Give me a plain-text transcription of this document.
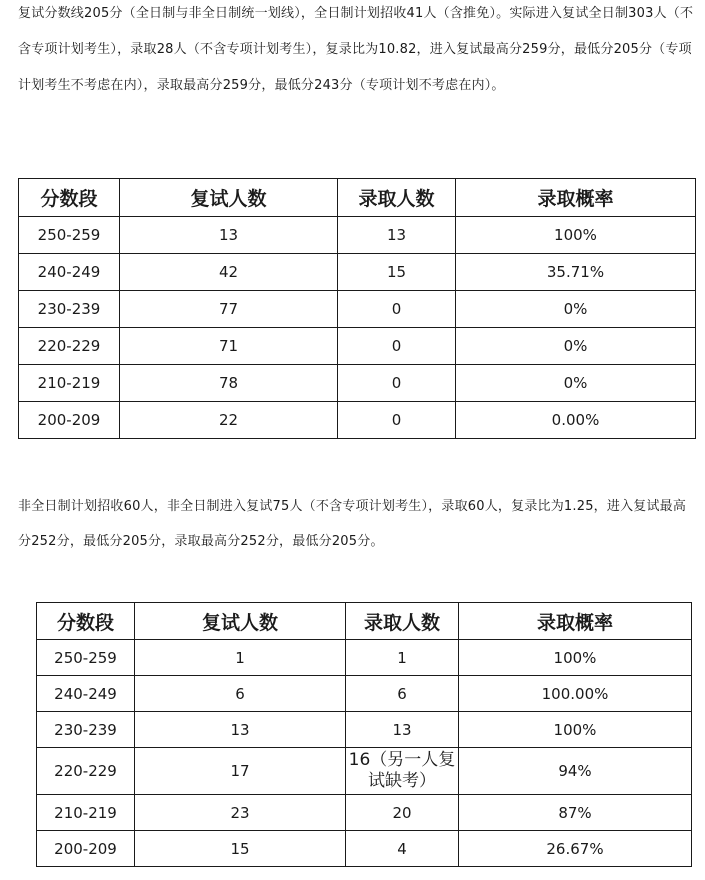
复试分数线205分（全日制与非全日制统一划线），全日制计划招收41人（含推免）。实际进入复试全日制303人（不含专项计划考生），录取28人（不含专项计划考生），复录比为10.82，进入复试最高分259分，最低分205分（专项计划考生不考虑在内），录取最高分259分，最低分243分（专项计划不考虑在内）。

分数段	复试人数	录取人数	录取概率
250-259	13	13	100%
240-249	42	15	35.71%
230-239	77	0	0%
220-229	71	0	0%
210-219	78	0	0%
200-209	22	0	0.00%

非全日制计划招收60人，非全日制进入复试75人（不含专项计划考生），录取60人，复录比为1.25，进入复试最高分252分，最低分205分，录取最高分252分，最低分205分。

分数段	复试人数	录取人数	录取概率
250-259	1	1	100%
240-249	6	6	100.00%
230-239	13	13	100%
220-229	17	16（另一人复试缺考）	94%
210-219	23	20	87%
200-209	15	4	26.67%
